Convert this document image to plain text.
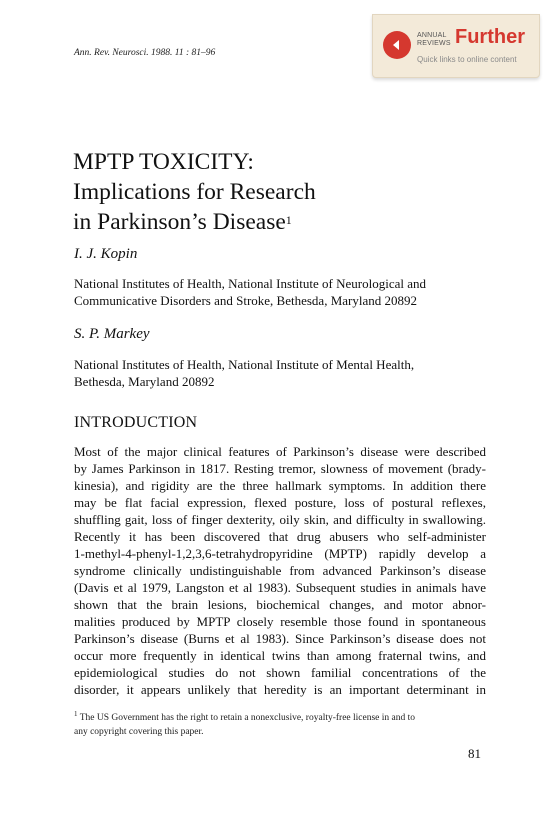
Ann. Rev. Neurosci. 1988. 11 : 81–96
ANNUAL
REVIEWS Further
Quick links to online content
MPTP TOXICITY:
Implications for Research
in Parkinson’s Disease$^1$
I. J. Kopin
National Institutes of Health, National Institute of Neurological and
Communicative Disorders and Stroke, Bethesda, Maryland 20892
S. P. Markey
National Institutes of Health, National Institute of Mental Health,
Bethesda, Maryland 20892
INTRODUCTION
Most of the major clinical features of Parkinson’s disease were described
by James Parkinson in 1817. Resting tremor, slowness of movement (brady-
kinesia), and rigidity are the three hallmark symptoms. In addition there
may be flat facial expression, flexed posture, loss of postural reflexes,
shuffling gait, loss of finger dexterity, oily skin, and difficulty in swallowing.
Recently it has been discovered that drug abusers who self-administer
1-methyl-4-phenyl-1,2,3,6-tetrahydropyridine (MPTP) rapidly develop a
syndrome clinically undistinguishable from advanced Parkinson’s disease
(Davis et al 1979, Langston et al 1983). Subsequent studies in animals have
shown that the brain lesions, biochemical changes, and motor abnor-
malities produced by MPTP closely resemble those found in spontaneous
Parkinson’s disease (Burns et al 1983). Since Parkinson’s disease does not
occur more frequently in identical twins than among fraternal twins, and
epidemiological studies do not shown familial concentrations of the
disorder, it appears unlikely that heredity is an important determinant in
$^1$ The US Government has the right to retain a nonexclusive, royalty-free license in and to
any copyright covering this paper.
81
